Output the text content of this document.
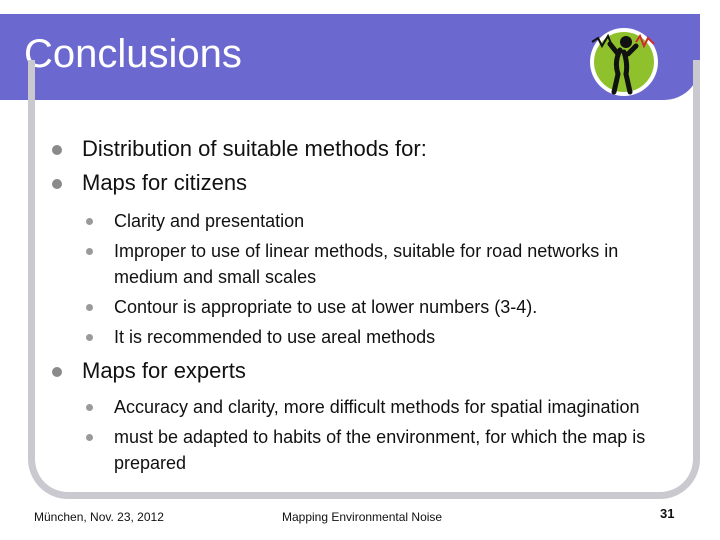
Conclusions
Distribution of suitable methods for:
Maps for citizens
Clarity and presentation
Improper to use of linear methods, suitable for road networks in medium and small scales
Contour is appropriate to use at lower numbers (3-4).
It is recommended to use areal methods
Maps for experts
Accuracy and clarity, more difficult methods for spatial imagination
must be adapted to habits of the environment, for which the map is prepared
München, Nov. 23, 2012	Mapping Environmental Noise	31
